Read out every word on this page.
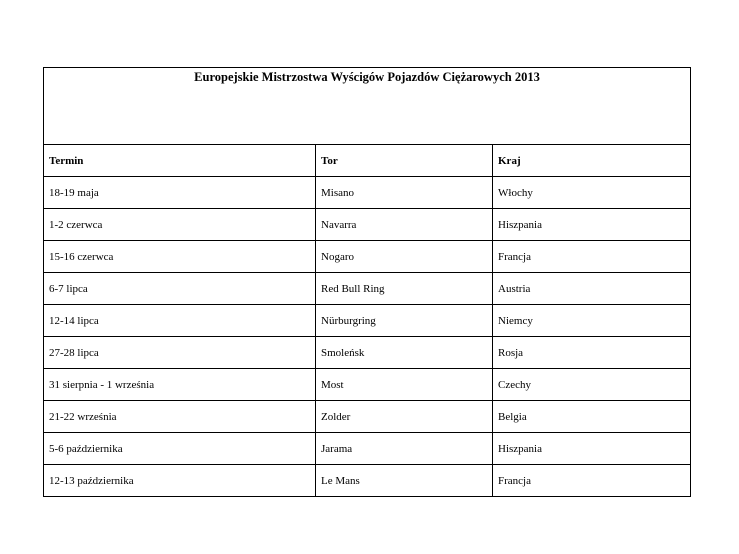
Europejskie Mistrzostwa Wyścigów Pojazdów Ciężarowych 2013		
Termin	Tor	Kraj
18-19 maja	Misano	Włochy
1-2 czerwca	Navarra	Hiszpania
15-16 czerwca	Nogaro	Francja
6-7 lipca	Red Bull Ring	Austria
12-14 lipca	Nürburgring	Niemcy
27-28 lipca	Smoleńsk	Rosja
31 sierpnia - 1 września	Most	Czechy
21-22 września	Zolder	Belgia
5-6 października	Jarama	Hiszpania
12-13 października	Le Mans	Francja
